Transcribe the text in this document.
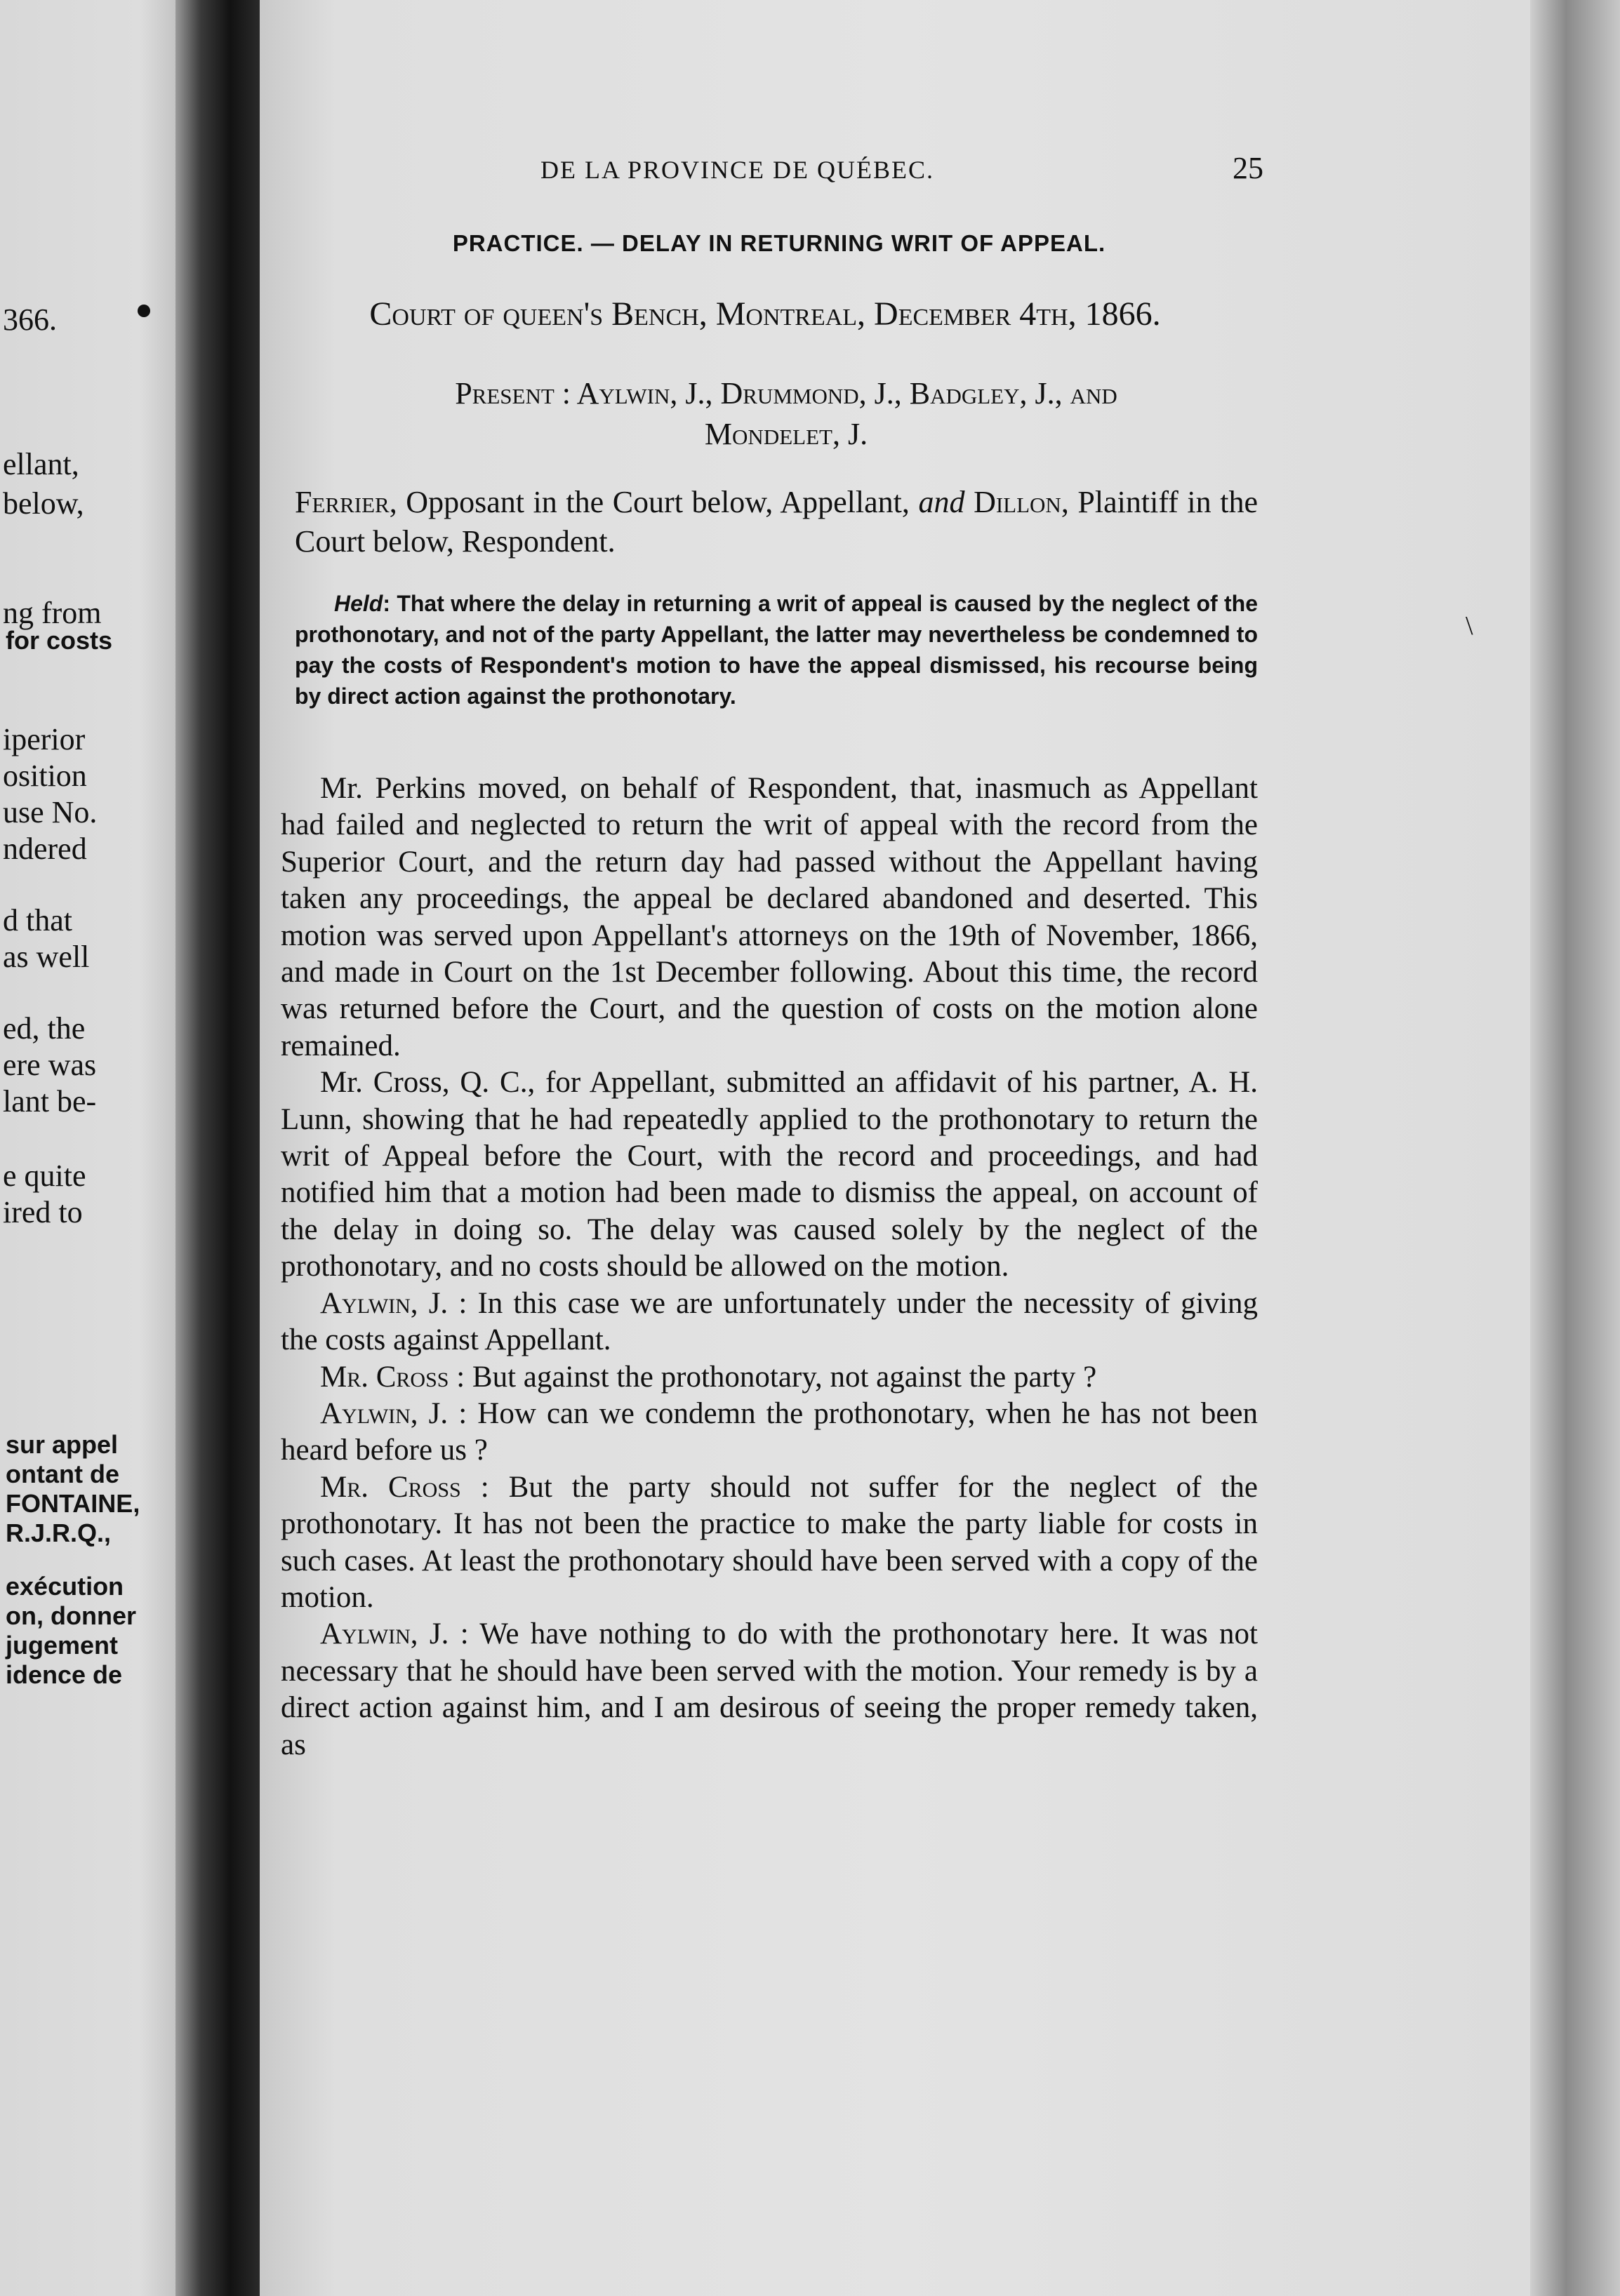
366.
ellant,
below,
ng from
for costs
iperior
osition
use No.
ndered
d that
as well
ed, the
ere was
lant be-
e quite
ired to
sur appel
ontant de
FONTAINE,
R.J.R.Q.,
exécution
on, donner
jugement
idence de
DE LA PROVINCE DE QUÉBEC.	25
PRACTICE. — DELAY IN RETURNING WRIT OF APPEAL.
Court of queen's Bench, Montreal, December 4th, 1866.
Present : Aylwin, J., Drummond, J., Badgley, J., and
Mondelet, J.
Ferrier, Opposant in the Court below, Appellant, and Dillon, Plaintiff in the Court below, Respondent.
Held: That where the delay in returning a writ of appeal is caused by the neglect of the prothonotary, and not of the party Appellant, the latter may nevertheless be condemned to pay the costs of Respondent's motion to have the appeal dismissed, his recourse being by direct action against the prothonotary.
\

Mr. Perkins moved, on behalf of Respondent, that, inasmuch as Appellant had failed and neglected to return the writ of appeal with the record from the Superior Court, and the return day had passed without the Appellant having taken any proceedings, the appeal be declared abandoned and deserted. This motion was served upon Appellant's attorneys on the 19th of November, 1866, and made in Court on the 1st December following. About this time, the record was returned before the Court, and the question of costs on the motion alone remained.

Mr. Cross, Q. C., for Appellant, submitted an affidavit of his partner, A. H. Lunn, showing that he had repeatedly applied to the prothonotary to return the writ of Appeal before the Court, with the record and proceedings, and had notified him that a motion had been made to dismiss the appeal, on account of the delay in doing so. The delay was caused solely by the neglect of the prothonotary, and no costs should be allowed on the motion.

Aylwin, J. : In this case we are unfortunately under the necessity of giving the costs against Appellant.

Mr. Cross : But against the prothonotary, not against the party ?

Aylwin, J. : How can we condemn the prothonotary, when he has not been heard before us ?

Mr. Cross : But the party should not suffer for the neglect of the prothonotary. It has not been the practice to make the party liable for costs in such cases. At least the prothonotary should have been served with a copy of the motion.

Aylwin, J. : We have nothing to do with the prothonotary here. It was not necessary that he should have been served with the motion. Your remedy is by a direct action against him, and I am desirous of seeing the proper remedy taken, as
